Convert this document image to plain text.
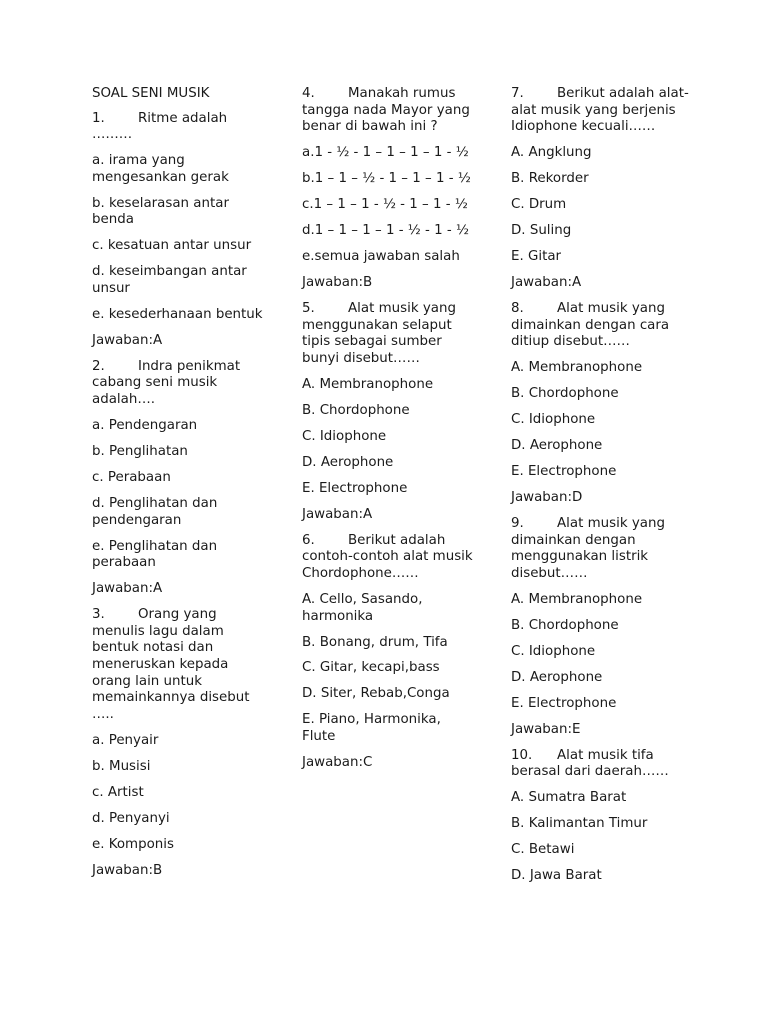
SOAL SENI MUSIK
1. Ritme adalah ………
a. irama yang mengesankan gerak
b. keselarasan antar benda
c. kesatuan antar unsur
d. keseimbangan antar unsur
e. kesederhanaan bentuk
Jawaban:A
2. Indra penikmat cabang seni musik adalah….
a. Pendengaran
b. Penglihatan
c. Perabaan
d. Penglihatan dan pendengaran
e. Penglihatan dan perabaan
Jawaban:A
3. Orang yang menulis lagu dalam bentuk notasi dan meneruskan kepada orang lain untuk memainkannya disebut …..
a. Penyair
b. Musisi
c. Artist
d. Penyanyi
e. Komponis
Jawaban:B
4. Manakah rumus tangga nada Mayor yang benar di bawah ini ?
a.1 - ½ - 1 – 1 – 1 – 1 - ½
b.1 – 1 – ½ - 1 – 1 – 1 - ½
c.1 – 1 – 1 - ½ - 1 – 1 - ½
d.1 – 1 – 1 – 1 - ½ - 1 - ½
e.semua jawaban salah
Jawaban:B
5. Alat musik yang menggunakan selaput tipis sebagai sumber bunyi disebut……
A. Membranophone
B. Chordophone
C. Idiophone
D. Aerophone
E. Electrophone
Jawaban:A
6. Berikut adalah contoh-contoh alat musik Chordophone……
A. Cello, Sasando, harmonika
B. Bonang, drum, Tifa
C. Gitar, kecapi,bass
D. Siter, Rebab,Conga
E. Piano, Harmonika, Flute
Jawaban:C
7. Berikut adalah alat-alat musik yang berjenis Idiophone kecuali……
A. Angklung
B. Rekorder
C. Drum
D. Suling
E. Gitar
Jawaban:A
8. Alat musik yang dimainkan dengan cara ditiup disebut……
A. Membranophone
B. Chordophone
C. Idiophone
D. Aerophone
E. Electrophone
Jawaban:D
9. Alat musik yang dimainkan dengan menggunakan listrik disebut……
A. Membranophone
B. Chordophone
C. Idiophone
D. Aerophone
E. Electrophone
Jawaban:E
10. Alat musik tifa berasal dari daerah……
A. Sumatra Barat
B. Kalimantan Timur
C. Betawi
D. Jawa Barat
